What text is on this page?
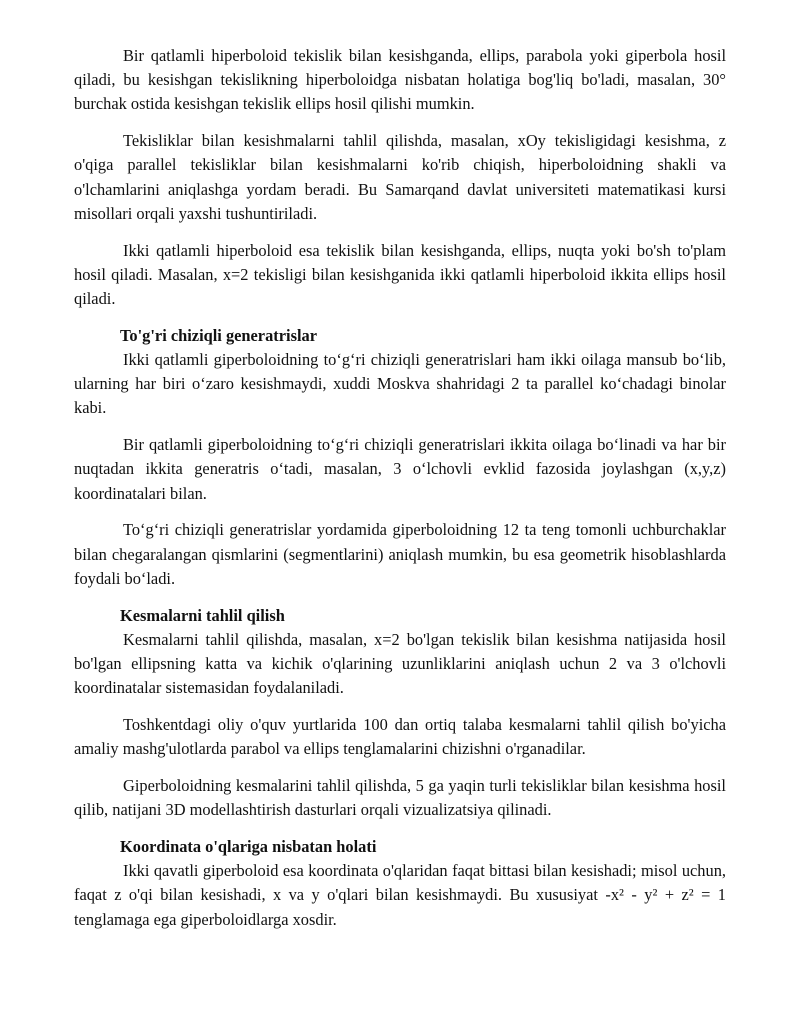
Bir qatlamli hiperboloid tekislik bilan kesishganda, ellips, parabola yoki giperbola hosil qiladi, bu kesishgan tekislikning hiperboloidga nisbatan holatiga bog'liq bo'ladi, masalan, 30° burchak ostida kesishgan tekislik ellips hosil qilishi mumkin.

Tekisliklar bilan kesishmalarni tahlil qilishda, masalan, xOy tekisligidagi kesishma, z o'qiga parallel tekisliklar bilan kesishmalarni ko'rib chiqish, hiperboloidning shakli va o'lchamlarini aniqlashga yordam beradi. Bu Samarqand davlat universiteti matematikasi kursi misollari orqali yaxshi tushuntiriladi.

Ikki qatlamli hiperboloid esa tekislik bilan kesishganda, ellips, nuqta yoki bo'sh to'plam hosil qiladi. Masalan, x=2 tekisligi bilan kesishganida ikki qatlamli hiperboloid ikkita ellips hosil qiladi.

To'g'ri chiziqli generatrislar

Ikki qatlamli giperboloidning to‘g‘ri chiziqli generatrislari ham ikki oilaga mansub bo‘lib, ularning har biri o‘zaro kesishmaydi, xuddi Moskva shahridagi 2 ta parallel ko‘chadagi binolar kabi.

Bir qatlamli giperboloidning to‘g‘ri chiziqli generatrislari ikkita oilaga bo‘linadi va har bir nuqtadan ikkita generatris o‘tadi, masalan, 3 o‘lchovli evklid fazosida joylashgan (x,y,z) koordinatalari bilan.

To‘g‘ri chiziqli generatrislar yordamida giperboloidning 12 ta teng tomonli uchburchaklar bilan chegaralangan qismlarini (segmentlarini) aniqlash mumkin, bu esa geometrik hisoblashlarda foydali bo‘ladi.

Kesmalarni tahlil qilish

Kesmalarni tahlil qilishda, masalan, x=2 bo'lgan tekislik bilan kesishma natijasida hosil bo'lgan ellipsning katta va kichik o'qlarining uzunliklarini aniqlash uchun 2 va 3 o'lchovli koordinatalar sistemasidan foydalaniladi.

Toshkentdagi oliy o'quv yurtlarida 100 dan ortiq talaba kesmalarni tahlil qilish bo'yicha amaliy mashg'ulotlarda parabol va ellips tenglamalarini chizishni o'rganadilar.

Giperboloidning kesmalarini tahlil qilishda, 5 ga yaqin turli tekisliklar bilan kesishma hosil qilib, natijani 3D modellashtirish dasturlari orqali vizualizatsiya qilinadi.

Koordinata o'qlariga nisbatan holati

Ikki qavatli giperboloid esa koordinata o'qlaridan faqat bittasi bilan kesishadi; misol uchun, faqat z o'qi bilan kesishadi, x va y o'qlari bilan kesishmaydi. Bu xususiyat -x² - y² + z² = 1 tenglamaga ega giperboloidlarga xosdir.
